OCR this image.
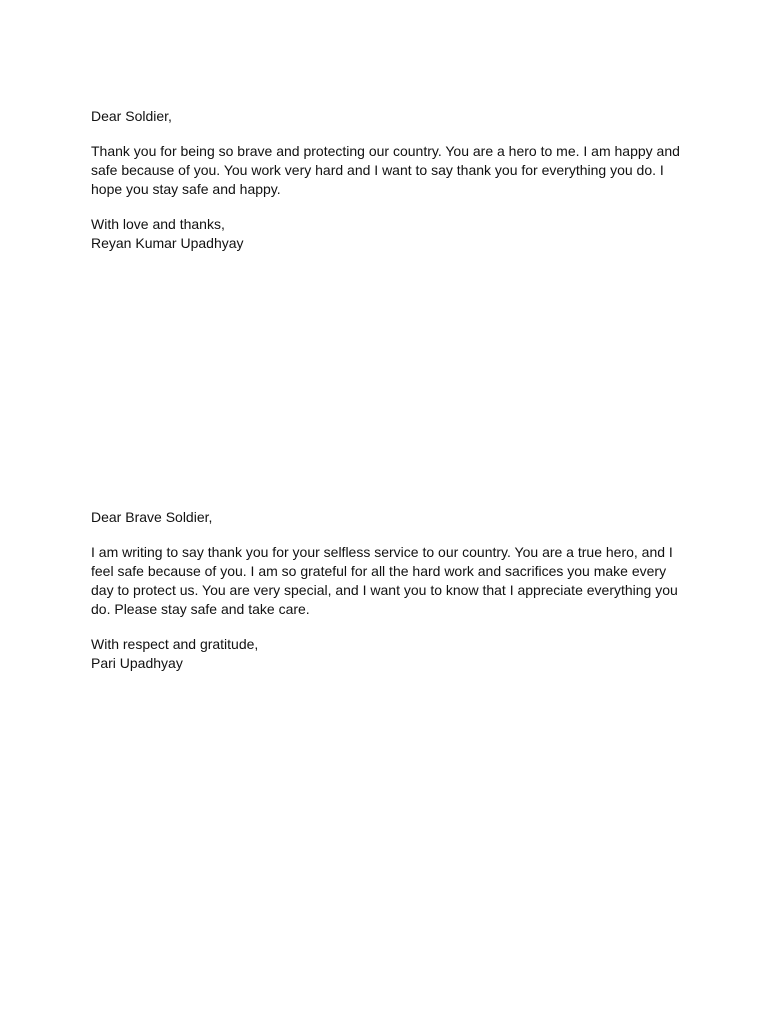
Dear Soldier,

Thank you for being so brave and protecting our country. You are a hero to me. I am happy and
safe because of you. You work very hard and I want to say thank you for everything you do. I
hope you stay safe and happy.

With love and thanks,

Reyan Kumar Upadhyay

Dear Brave Soldier,

I am writing to say thank you for your selfless service to our country. You are a true hero, and I
feel safe because of you. I am so grateful for all the hard work and sacrifices you make every
day to protect us. You are very special, and I want you to know that I appreciate everything you
do. Please stay safe and take care.

With respect and gratitude,

Pari Upadhyay
